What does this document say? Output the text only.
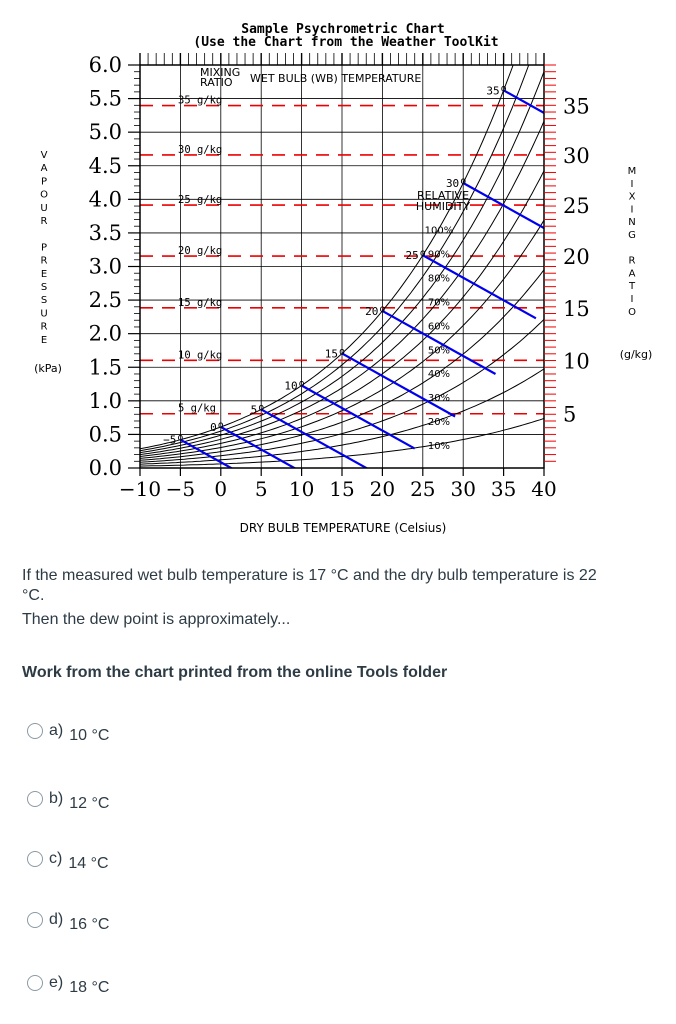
Sample Psychrometric Chart
(Use the Chart from the Weather ToolKit
6.0
5.5
5.0
4.5
4.0
3.5
3.0
2.5
2.0
1.5
1.0
0.5
0.0
−10 −5 0 5 10 15 20 25 30 35 40
35
30
25
20
15
10
5
35 g/kg
30 g/kg
25 g/kg
20 g/kg
15 g/kg
10 g/kg
5 g/kg
−5 o
0 o
5 o
10 o
15 o
20 o
25 o
30 o
35 o
100%
90%
80%
70%
60%
50%
40%
30%
20%
10%
MIXING
RATIO WET BULB (WB) TEMPERATURE
RELATIVE
HUMIDITY
V
A
P
O
U
R
P
R
E
S
S
U
R
E
(kPa)
M
I
X
I
N
G
R
A
T
I
O
(g/kg)
DRY BULB TEMPERATURE (Celsius)

If the measured wet bulb temperature is 17 °C and the dry bulb temperature is 22

°C.

Then the dew point is approximately...

Work from the chart printed from the online Tools folder
a) 10 °C
b) 12 °C
c) 14 °C
d) 16 °C
e) 18 °C
